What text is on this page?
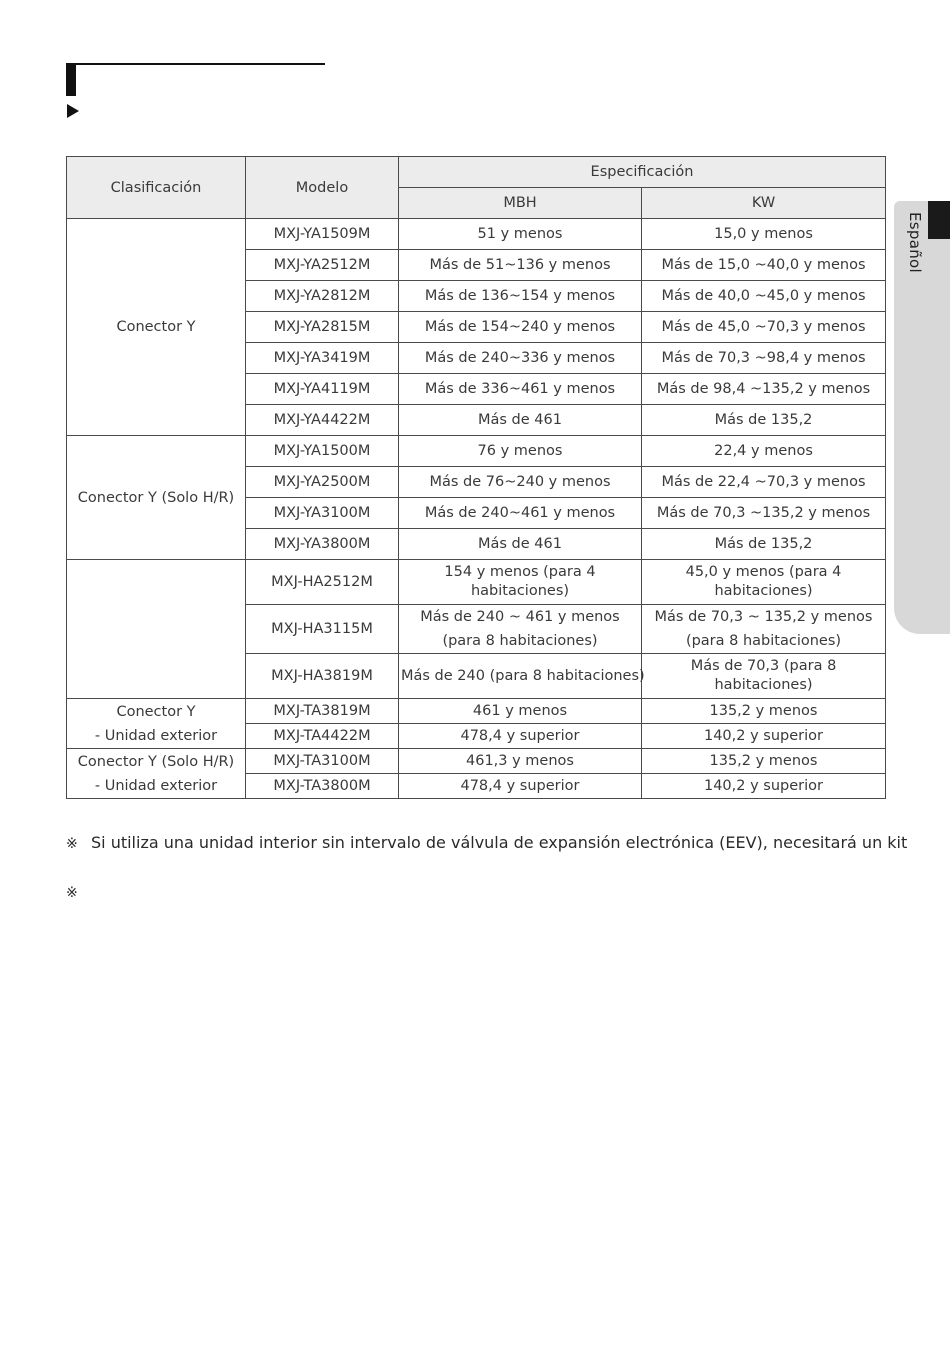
Español
Clasificación	Modelo	Especificación	
		MBH	KW
Conector Y	MXJ-YA1509M	51 y menos	15,0 y menos
	MXJ-YA2512M	Más de 51~136 y menos	Más de 15,0 ~40,0 y menos
	MXJ-YA2812M	Más de 136~154 y menos	Más de 40,0 ~45,0 y menos
	MXJ-YA2815M	Más de 154~240 y menos	Más de 45,0 ~70,3 y menos
	MXJ-YA3419M	Más de 240~336 y menos	Más de 70,3 ~98,4 y menos
	MXJ-YA4119M	Más de 336~461 y menos	Más de 98,4 ~135,2 y menos
	MXJ-YA4422M	Más de 461	Más de 135,2
Conector Y (Solo H/R)	MXJ-YA1500M	76 y menos	22,4 y menos
	MXJ-YA2500M	Más de 76~240 y menos	Más de 22,4 ~70,3 y menos
	MXJ-YA3100M	Más de 240~461 y menos	Más de 70,3 ~135,2 y menos
	MXJ-YA3800M	Más de 461	Más de 135,2
	MXJ-HA2512M	154 y menos (para 4 habitaciones)	45,0 y menos (para 4 habitaciones)
	MXJ-HA3115M	Más de 240 ~ 461 y menos (para 8 habitaciones)	Más de 70,3 ~ 135,2 y menos (para 8 habitaciones)
	MXJ-HA3819M	Más de 240 (para 8 habitaciones)	Más de 70,3 (para 8 habitaciones)

Conector Y
- Unidad exterior	MXJ-TA3819M	461 y menos	135,2 y menos
	MXJ-TA4422M	478,4 y superior	140,2 y superior

Conector Y (Solo H/R)
- Unidad exterior	MXJ-TA3100M	461,3 y menos	135,2 y menos
	MXJ-TA3800M	478,4 y superior	140,2 y superior
※ Si utiliza una unidad interior sin intervalo de válvula de expansión electrónica (EEV), necesitará un kit
※
